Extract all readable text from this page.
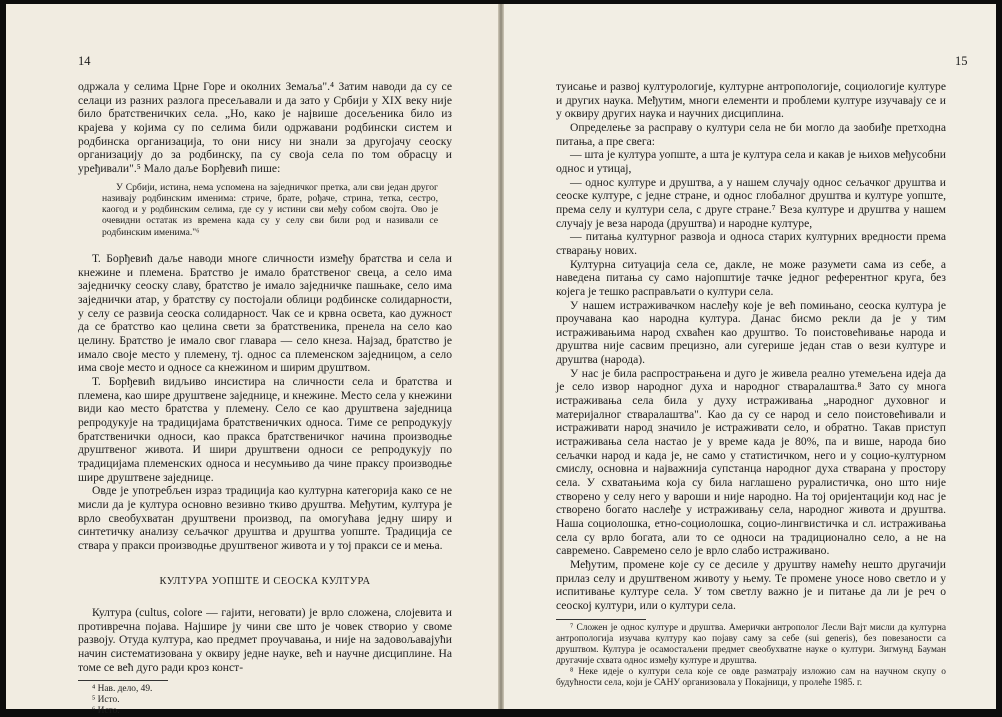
14

одржала у селима Црне Горе и околних Земаља".⁴ Затим наводи да су се селаци из разних разлога пресељавали и да зато у Србији у XIX веку није било братственичких села. „Но, како је највише досељеника било из крајева у којима су по селима били одржавани родбински систем и родбинска организација, то они нису ни знали за другојачу сеоску организацију до за родбинску, па су своја села по том обрасцу и уређивали".⁵ Мало даље Борђевић пише:

У Србији, истина, нема успомена на заједничког претка, али сви један другог називају родбинским именима: стриче, брате, рођаче, стрина, тетка, сестро, каогод и у родбинским селима, где су у истини сви међу собом својта. Ово је очевидни остатак из времена када су у селу сви били род и називали се родбинским именима."⁶

Т. Борђевић даље наводи многе сличности између братства и села и кнежине и племена. Братство је имало братственог свеца, а село има заједничку сеоску славу, братство је имало заједничке пашњаке, село има заједнички атар, у братству су постојали облици родбинске солидарности, у селу се развија сеоска солидарност. Чак се и крвна освета, као дужност да се братство као целина свети за братственика, пренела на село као целину. Братство је имало свог главара — село кнеза. Најзад, братство је имало своје место у племену, тј. однос са племенском заједницом, а село има своје место и односе са кнежином и ширим друштвом.

Т. Борђевић видљиво инсистира на сличности села и братства и племена, као шире друштвене заједнице, и кнежине. Место села у кнежини види као место братства у племену. Село се као друштвена заједница репродукује на традицијама братственичких односа. Тиме се репродукују братственички односи, као пракса братственичког начина производње друштвеног живота. И шири друштвени односи се репродукују по традицијама племенских односа и несумњиво да чине праксу производње шире друштвене заједнице.

Овде је употребљен израз традиција као културна категорија како се не мисли да је култура основно везивно ткиво друштва. Међутим, култура је врло свеобухватан друштвени производ, па омогућава једну ширу и синтетичку анализу сељачког друштва и друштва уопште. Традиција се ствара у пракси производње друштвеног живота и у тој пракси се и мења.

КУЛТУРА УОПШТЕ И СЕОСКА КУЛТУРА

Култура (cultus, colore — гајити, неговати) је врло сложена, слојевита и противречна појава. Најшире ју чини све што је човек створио у своме развоју. Отуда култура, као предмет проучавања, и није на задовољавајући начин систематизована у оквиру једне науке, већ и научне дисциплине. На томе се већ дуго ради кроз конст-

⁴ Нав. дело, 49.
⁵ Исто.
⁶ Исто.
15

туисање и развој културологије, културне антропологије, социологије културе и других наука. Међутим, многи елементи и проблеми културе изучавају се и у оквиру других наука и научних дисциплина.

Определење за расправу о култури села не би могло да заобиђе претходна питања, а пре свега:

— шта је култура уопште, а шта је култура села и какав је њихов међусобни однос и утицај,

— однос културе и друштва, а у нашем случају однос сељачког друштва и сеоске културе, с једне стране, и однос глобалног друштва и културе уопште, према селу и култури села, с друге стране.⁷ Веза културе и друштва у нашем случају је веза народа (друштва) и народне културе,

— питања културног развоја и односа старих културних вредности према стварању нових.

Културна ситуација села се, дакле, не може разумети сама из себе, а наведена питања су само најопштије тачке једног референтног круга, без којега је тешко расправљати о култури села.

У нашем истраживачком наслеђу које је већ помињано, сеоска култура је проучавана као народна култура. Данас бисмо рекли да је у тим истраживањима народ схваћен као друштво. То поистовећивање народа и друштва није сасвим прецизно, али сугерише један став о вези културе и друштва (народа).

У нас је била распрострањена и дуго је живела реално утемељена идеја да је село извор народног духа и народног стваралаштва.⁸ Зато су многа истраживања села била у духу истраживања „народног духовног и материјалног стваралаштва". Као да су се народ и село поистовећивали и истраживати народ значило је истраживати село, и обратно. Такав приступ истраживања села настао је у време када је 80%, па и више, народа био сељачки народ и када је, не само у статистичком, него и у социо-културном смислу, основна и најважнија супстанца народног духа стварана у простору села. У схватањима која су била наглашено руралистичка, оно што није створено у селу него у вароши и није народно. На тој оријентацији код нас је створено богато наслеђе у истраживању села, народног живота и друштва. Наша социолошка, етно-социолошка, социо-лингвистичка и сл. истраживања села су врло богата, али то се односи на традиционално село, а не на савремено. Савремено село је врло слабо истраживано.

Међутим, промене које су се десиле у друштву намећу нешто другачији прилаз селу и друштвеном животу у њему. Те промене уносе ново светло и у испитивање културе села. У том светлу важно је и питање да ли је реч о сеоској култури, или о култури села.

⁷ Сложен је однос културе и друштва. Амерички антрополог Лесли Вајт мисли да културна антропологија изучава културу као појаву саму за себе (sui generis), без повезаности са друштвом. Култура је осамостаљени предмет свеобухватне науке о култури. Зигмунд Бауман другачије схвата однос између културе и друштва.
⁸ Неке идеје о култури села које се овде разматрају изложио сам на научном скупу о будућности села, који је САНУ организовала у Покајници, у пролеће 1985. г.
